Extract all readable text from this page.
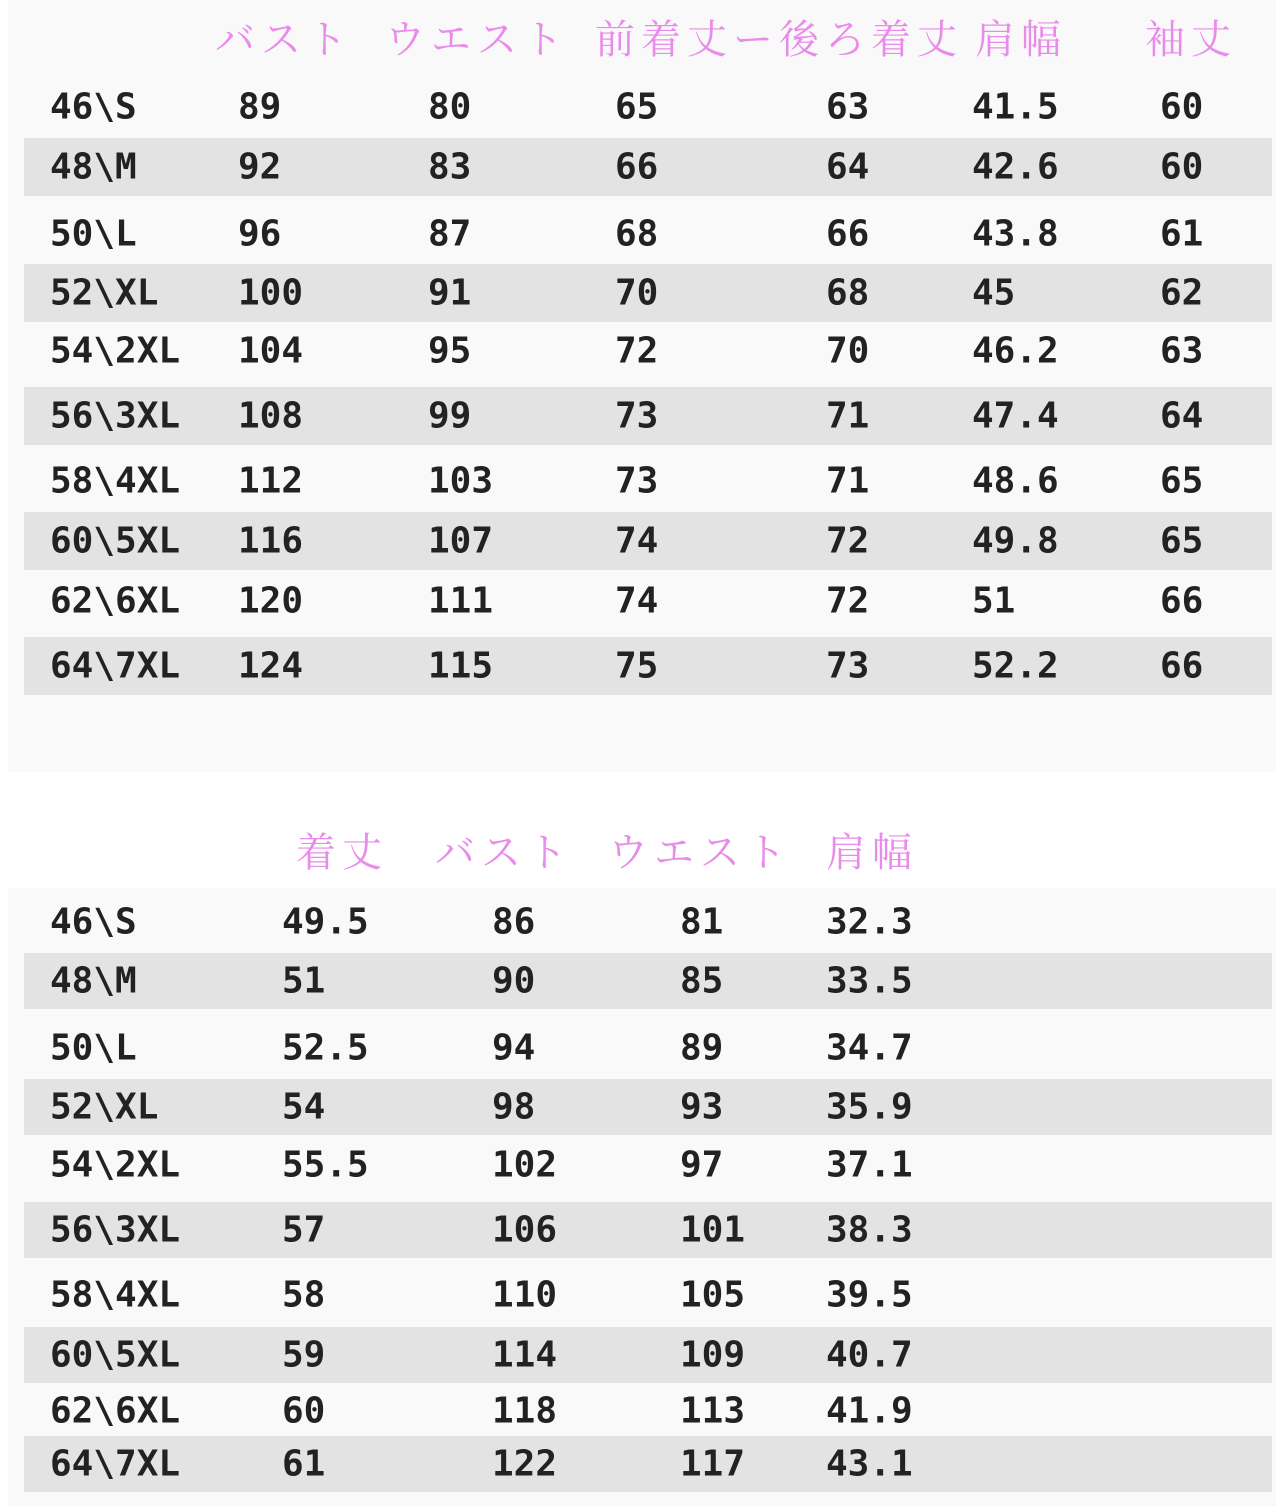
バスト ウエスト 前着丈ー後ろ着丈 肩幅 袖丈
46\S	89	80	65	63	41.5	60
48\M	92	83	66	64	42.6	60
50\L	96	87	68	66	43.8	61
52\XL 100	91	70	68	45	62
54\2XL 104	95	72	70	46.2	63
56\3XL 108	99	73	71	47.4	64
58\4XL 112	103	73	71	48.6	65
60\5XL 116	107	74	72	49.8	65
62\6XL 120	111	74	72	51	66
64\7XL 124	115	75	73	52.2	66
着丈 バスト ウエスト 肩幅
46\S	49.5	86	81	32.3
48\M	51	90	85	33.5
50\L	52.5	94	89	34.7
52\XL	54	98	93	35.9
54\2XL	55.5	102	97	37.1
56\3XL	57	106	101 38.3
58\4XL	58	110	105 39.5
60\5XL	59	114	109 40.7
62\6XL	60	118	113 41.9
64\7XL	61	122	117 43.1
